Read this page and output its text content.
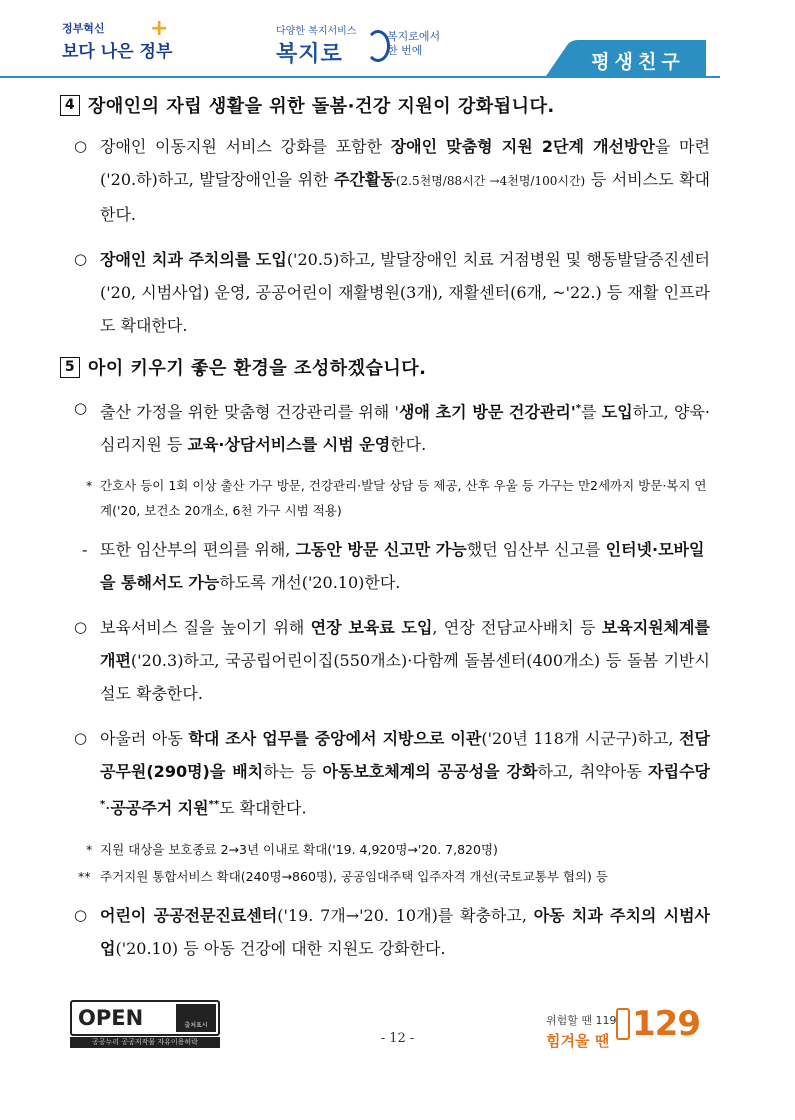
정부혁신
보다 나은 정부
+	다양한 복지서비스
복지로
복지로에서
한 번에
평생친구
4 장애인의 자립 생활을 위한 돌봄·건강 지원이 강화됩니다.

○ 장애인 이동지원 서비스 강화를 포함한 장애인 맞춤형 지원 2단계 개선방안을 마련('20.하)하고, 발달장애인을 위한 주간활동(2.5천명/88시간 →4천명/100시간) 등 서비스도 확대한다.

○ 장애인 치과 주치의를 도입('20.5)하고, 발달장애인 치료 거점병원 및 행동발달증진센터('20, 시범사업) 운영, 공공어린이 재활병원(3개), 재활센터(6개, ~'22.) 등 재활 인프라도 확대한다.

5 아이 키우기 좋은 환경을 조성하겠습니다.

○ 출산 가정을 위한 맞춤형 건강관리를 위해 '생애 초기 방문 건강관리'*를 도입하고, 양육·심리지원 등 교육·상담서비스를 시범 운영한다.

* 간호사 등이 1회 이상 출산 가구 방문, 건강관리·발달 상담 등 제공, 산후 우울 등 가구는 만2세까지 방문·복지 연계('20, 보건소 20개소, 6천 가구 시범 적용)

- 또한 임산부의 편의를 위해, 그동안 방문 신고만 가능했던 임산부 신고를 인터넷·모바일을 통해서도 가능하도록 개선('20.10)한다.

○ 보육서비스 질을 높이기 위해 연장 보육료 도입, 연장 전담교사배치 등 보육지원체계를 개편('20.3)하고, 국공립어린이집(550개소)·다함께 돌봄센터(400개소) 등 돌봄 기반시설도 확충한다.

○ 아울러 아동 학대 조사 업무를 중앙에서 지방으로 이관('20년 118개 시군구)하고, 전담공무원(290명)을 배치하는 등 아동보호체계의 공공성을 강화하고, 취약아동 자립수당*·공공주거 지원**도 확대한다.

* 지원 대상을 보호종료 2→3년 이내로 확대('19. 4,920명→'20. 7,820명)

** 주거지원 통합서비스 확대(240명→860명), 공공임대주택 입주자격 개선(국토교통부 협의) 등

○ 어린이 공공전문진료센터('19. 7개→'20. 10개)를 확충하고, 아동 치과 주치의 시범사업('20.10) 등 아동 건강에 대한 지원도 강화한다.

OPEN	출처표시
공공누리 공공저작물 자유이용허락	- 12 -
위험할 땐 119
힘겨울 땐 129
